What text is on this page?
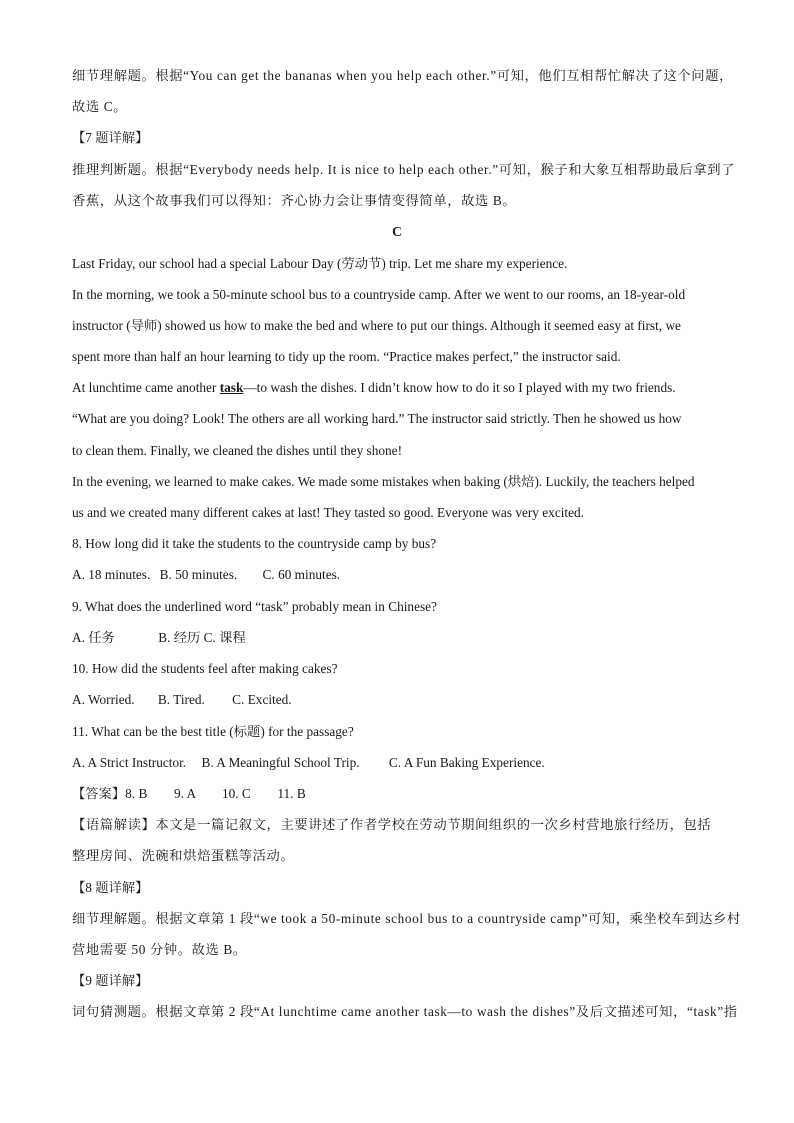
细节理解题。根据“You can get the bananas when you help each other.”可知，他们互相帮忙解决了这个问题，
故选 C。
【7 题详解】
推理判断题。根据“Everybody needs help. It is nice to help each other.”可知，猴子和大象互相帮助最后拿到了
香蕉，从这个故事我们可以得知：齐心协力会让事情变得简单，故选 B。
C
Last Friday, our school had a special Labour Day (劳动节) trip. Let me share my experience.
In the morning, we took a 50-minute school bus to a countryside camp. After we went to our rooms, an 18-year-old
instructor (导师) showed us how to make the bed and where to put our things. Although it seemed easy at first, we
spent more than half an hour learning to tidy up the room. “Practice makes perfect,” the instructor said.
At lunchtime came another task—to wash the dishes. I didn’t know how to do it so I played with my two friends.
“What are you doing? Look! The others are all working hard.” The instructor said strictly. Then he showed us how
to clean them. Finally, we cleaned the dishes until they shone!
In the evening, we learned to make cakes. We made some mistakes when baking (烘焙). Luckily, the teachers helped
us and we created many different cakes at last! They tasted so good. Everyone was very excited.
8. How long did it take the students to the countryside camp by bus?
A. 18 minutes. B. 50 minutes. C. 60 minutes.
9. What does the underlined word “task” probably mean in Chinese?
A. 任务	B. 经历 C. 课程
10. How did the students feel after making cakes?
A. Worried. B. Tired. C. Excited.
11. What can be the best title (标题) for the passage?
A. A Strict Instructor. B. A Meaningful School Trip. C. A Fun Baking Experience.
【答案】8. B        9. A        10. C        11. B
【语篇解读】本文是一篇记叙文，主要讲述了作者学校在劳动节期间组织的一次乡村营地旅行经历，包括
整理房间、洗碗和烘焙蛋糕等活动。
【8 题详解】
细节理解题。根据文章第 1 段“we took a 50-minute school bus to a countryside camp”可知，乘坐校车到达乡村
营地需要 50 分钟。故选 B。
【9 题详解】
词句猜测题。根据文章第 2 段“At lunchtime came another task—to wash the dishes”及后文描述可知，“task”指
